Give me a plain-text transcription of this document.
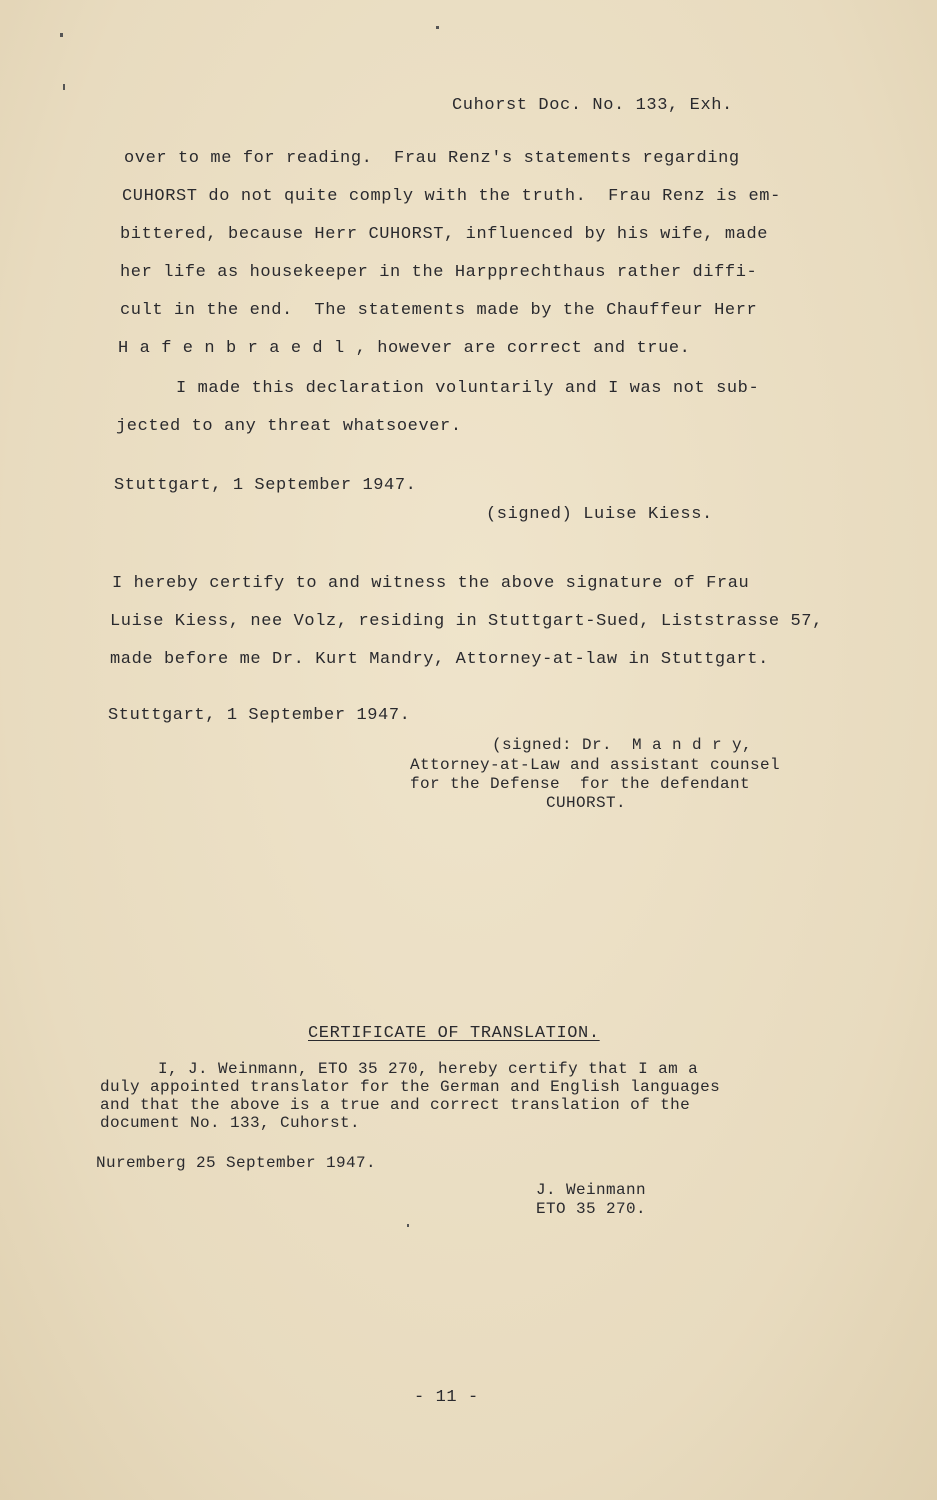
Cuhorst Doc. No. 133, Exh.
over to me for reading.  Frau Renz's statements regarding
CUHORST do not quite comply with the truth.  Frau Renz is em-
bittered, because Herr CUHORST, influenced by his wife, made
her life as housekeeper in the Harpprechthaus rather diffi-
cult in the end.  The statements made by the Chauffeur Herr
H a f e n b r a e d l , however are correct and true.
I made this declaration voluntarily and I was not sub-
jected to any threat whatsoever.
Stuttgart, 1 September 1947.
(signed) Luise Kiess.
I hereby certify to and witness the above signature of Frau
Luise Kiess, nee Volz, residing in Stuttgart-Sued, Liststrasse 57,
made before me Dr. Kurt Mandry, Attorney-at-law in Stuttgart.
Stuttgart, 1 September 1947.
(signed: Dr.  M a n d r y,
Attorney-at-Law and assistant counsel
for the Defense  for the defendant
CUHORST.
CERTIFICATE OF TRANSLATION.
I, J. Weinmann, ETO 35 270, hereby certify that I am a
duly appointed translator for the German and English languages
and that the above is a true and correct translation of the
document No. 133, Cuhorst.
Nuremberg 25 September 1947.
J. Weinmann
ETO 35 270.
- 11 -
